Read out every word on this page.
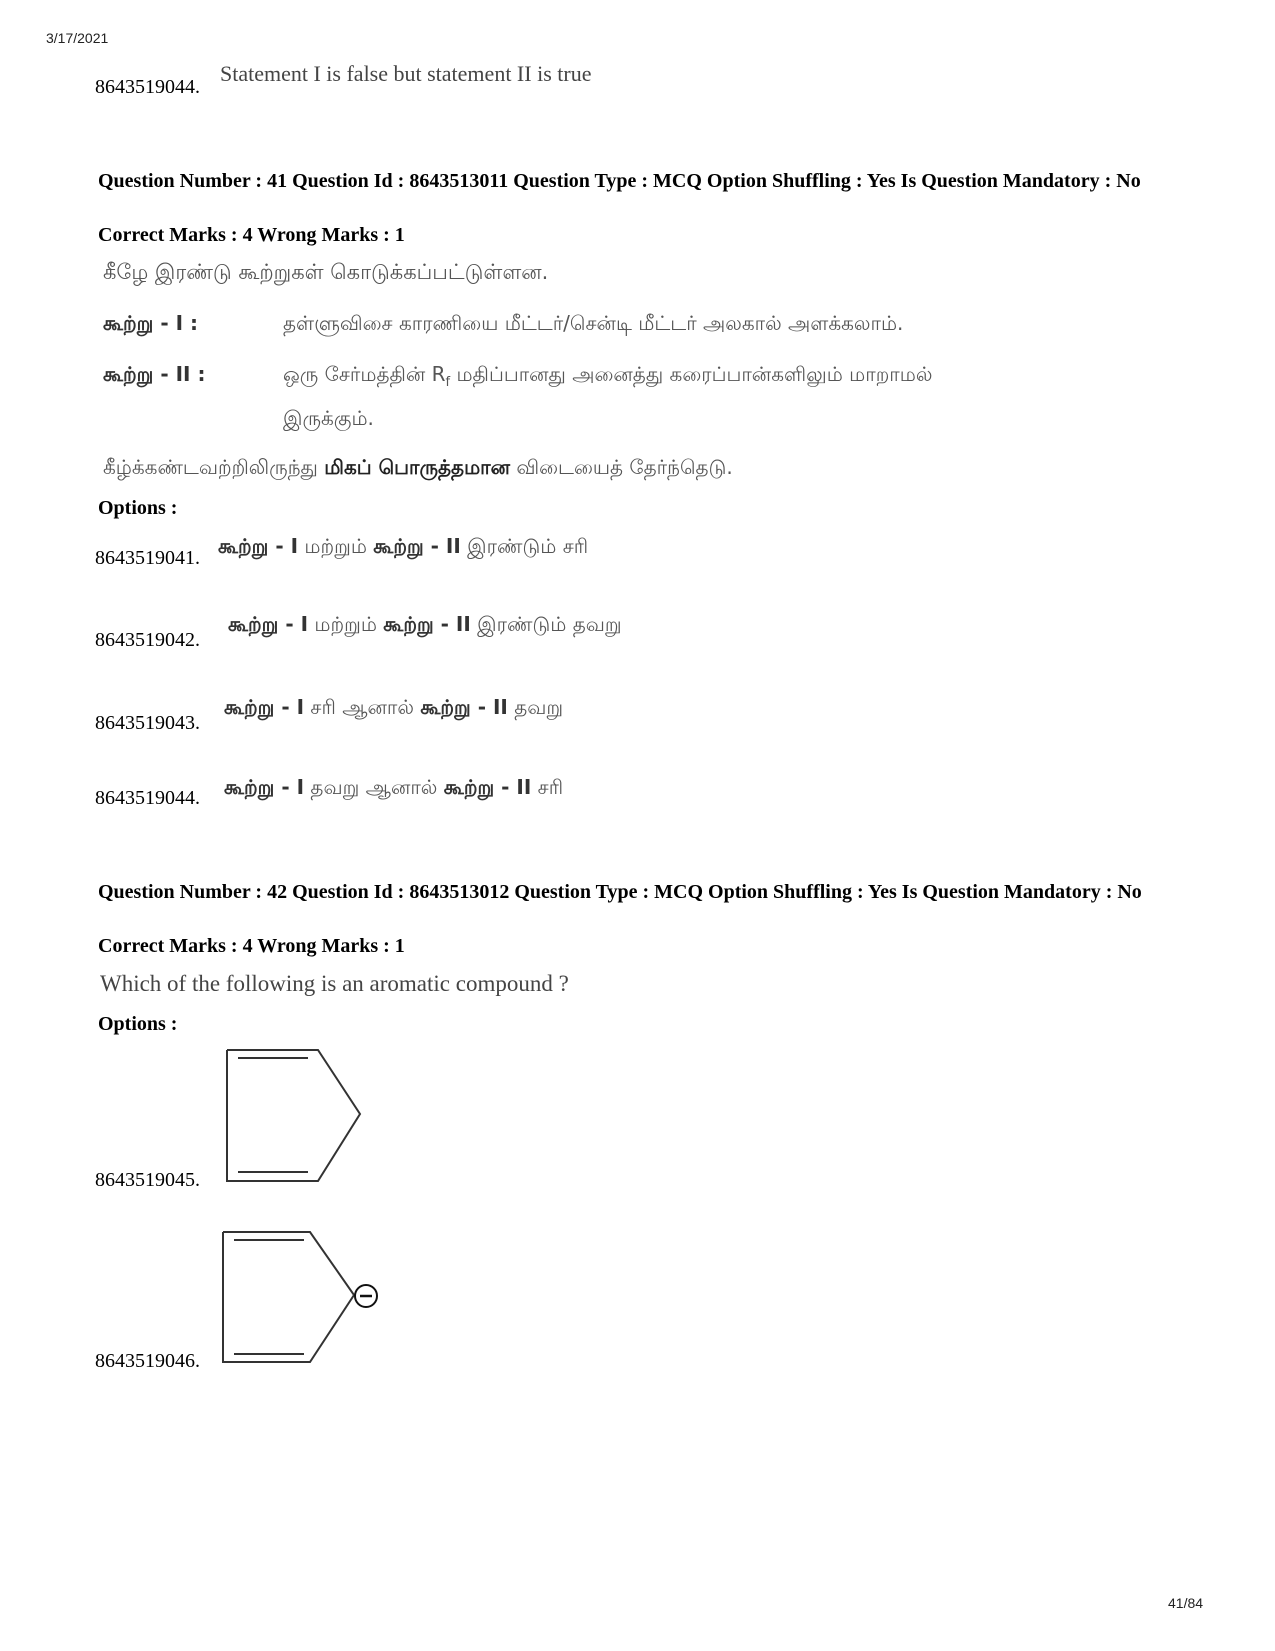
3/17/2021
8643519044.
Statement I is false but statement II is true
Question Number : 41 Question Id : 8643513011 Question Type : MCQ Option Shuffling : Yes Is Question Mandatory : No
Correct Marks : 4 Wrong Marks : 1
கீழே இரண்டு கூற்றுகள் கொடுக்கப்பட்டுள்ளன.
கூற்று - I :	தள்ளுவிசை காரணியை மீட்டர்/சென்டி மீட்டர் அலகால் அளக்கலாம்.
கூற்று - II :	ஒரு சேர்மத்தின் $R_f$ மதிப்பானது அனைத்து கரைப்பான்களிலும் மாறாமல்
இருக்கும்.
கீழ்க்கண்டவற்றிலிருந்து மிகப் பொருத்தமான விடையைத் தேர்ந்தெடு.
Options :
8643519041. கூற்று - I மற்றும் கூற்று - II இரண்டும் சரி
8643519042.
கூற்று - I மற்றும் கூற்று - II இரண்டும் தவறு
8643519043.
கூற்று - I சரி ஆனால் கூற்று - II தவறு
8643519044. கூற்று - I தவறு ஆனால் கூற்று - II சரி
Question Number : 42 Question Id : 8643513012 Question Type : MCQ Option Shuffling : Yes Is Question Mandatory : No
Correct Marks : 4 Wrong Marks : 1
Which of the following is an aromatic compound ?
Options :
8643519045.
8643519046.
41/84
